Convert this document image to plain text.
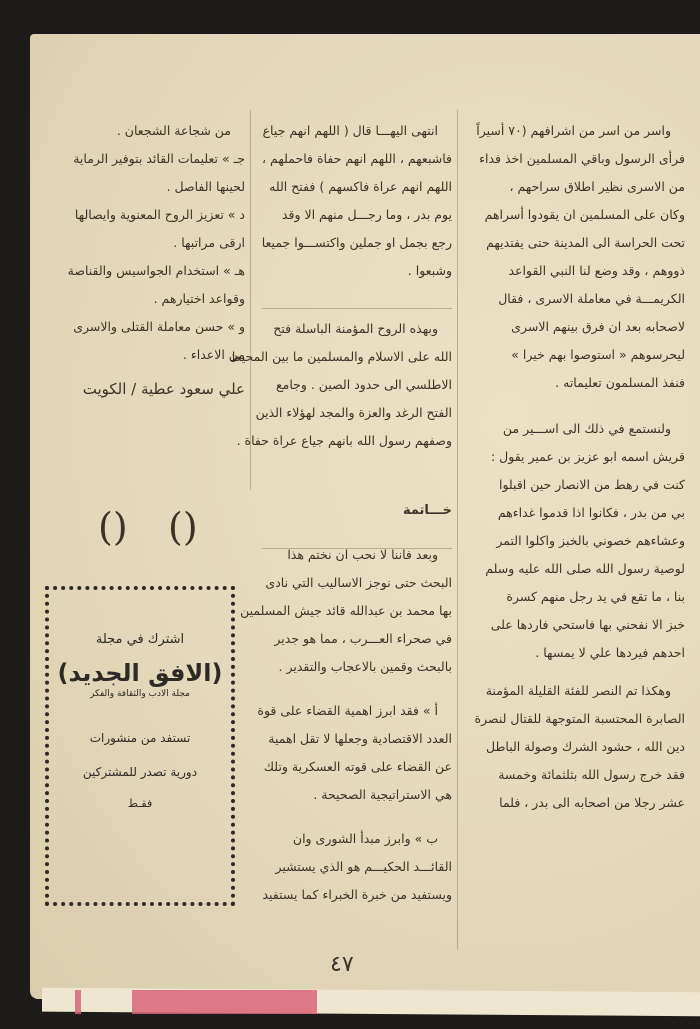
واسر من اسر من اشرافهم (٧٠ أسيراً
فرأى الرسول وباقي المسلمين اخذ فداء
من الاسرى نظير اطلاق سراحهم ،
وكان على المسلمين ان يقودوا أسراهم
تحت الحراسة الى المدينة حتى يفتديهم
ذووهم ، وقد وضع لنا النبي القواعد
الكريمـــة في معاملة الاسرى ، فقال
لاصحابه بعد ان فرق بينهم الاسرى
ليحرسوهم « استوصوا بهم خيرا »
فنفذ المسلمون تعليماته .
ولنستمع في ذلك الى اســـير من
قريش اسمه ابو عزيز بن عمير يقول :
كنت في رهط من الانصار حين اقبلوا
بي من بدر ، فكانوا اذا قدموا غداءهم
وعشاءهم خصوني بالخبز واكلوا التمر
لوصية رسول الله صلى الله عليه وسلم
بنا ، ما تقع في يد رجل منهم كسرة
خبز الا نفحني بها فاستحي فاردها على
احدهم فيردها علي لا يمسها .
وهكذا تم النصر للفئة القليلة المؤمنة
الصابرة المحتسبة المتوجهة للقتال لنصرة
دين الله ، حشود الشرك وصولة الباطل
فقد خرج رسول الله بثلثمائة وخمسة
عشر رجلا من اصحابه الى بدر ، فلما
انتهى اليهـــا قال ( اللهم انهم جياع
فاشبعهم ، اللهم انهم حفاة فاحملهم ،
اللهم انهم عراة فاكسهم ) ففتح الله
يوم بدر ، وما رجـــل منهم الا وقد
رجع بجمل او جملين واكتســـوا جميعا
وشبعوا .
وبهذه الروح المؤمنة الباسلة فتح
الله على الاسلام والمسلمين ما بين المحيط
الاطلسي الى حدود الصين . وجامع
الفتح الرغد والعزة والمجد لهؤلاء الذين
وصفهم رسول الله بانهم جياع عراة حفاة .
خـــاتمة
وبعد فاننا لا نحب ان نختم هذا
البحث حتى نوجز الاساليب التي نادى
بها محمد بن عبدالله قائد جيش المسلمين
في صحراء العـــرب ، مما هو جدير
بالبحث وقمين بالاعجاب والتقدير .
أ » فقد ابرز اهمية القضاء على قوة
العدد الاقتصادية وجعلها لا تقل اهمية
عن القضاء على قوته العسكرية وتلك
هي الاستراتيجية الصحيحة .
ب » وابرز مبدأ الشورى وان
القائـــد الحكيـــم هو الذي يستشير
ويستفيد من خبرة الخبراء كما يستفيد
من شجاعة الشجعان .
جـ » تعليمات القائد بتوفير الرماية
لحينها الفاصل .
د » تعزيز الروح المعنوية وايصالها
ارقى مراتبها .
هـ » استخدام الجواسيس والقناصة
وقواعد اختيارهم .
و » حسن معاملة القتلى والاسرى
من الاعداء .
علي سعود عطية / الكويت
() ()
اشترك في مجلة
(الافق الجديد)
مجلة الادب والثقافة والفكر
تستفد من منشورات
دورية تصدر للمشتركين
فقـط
٤٧
